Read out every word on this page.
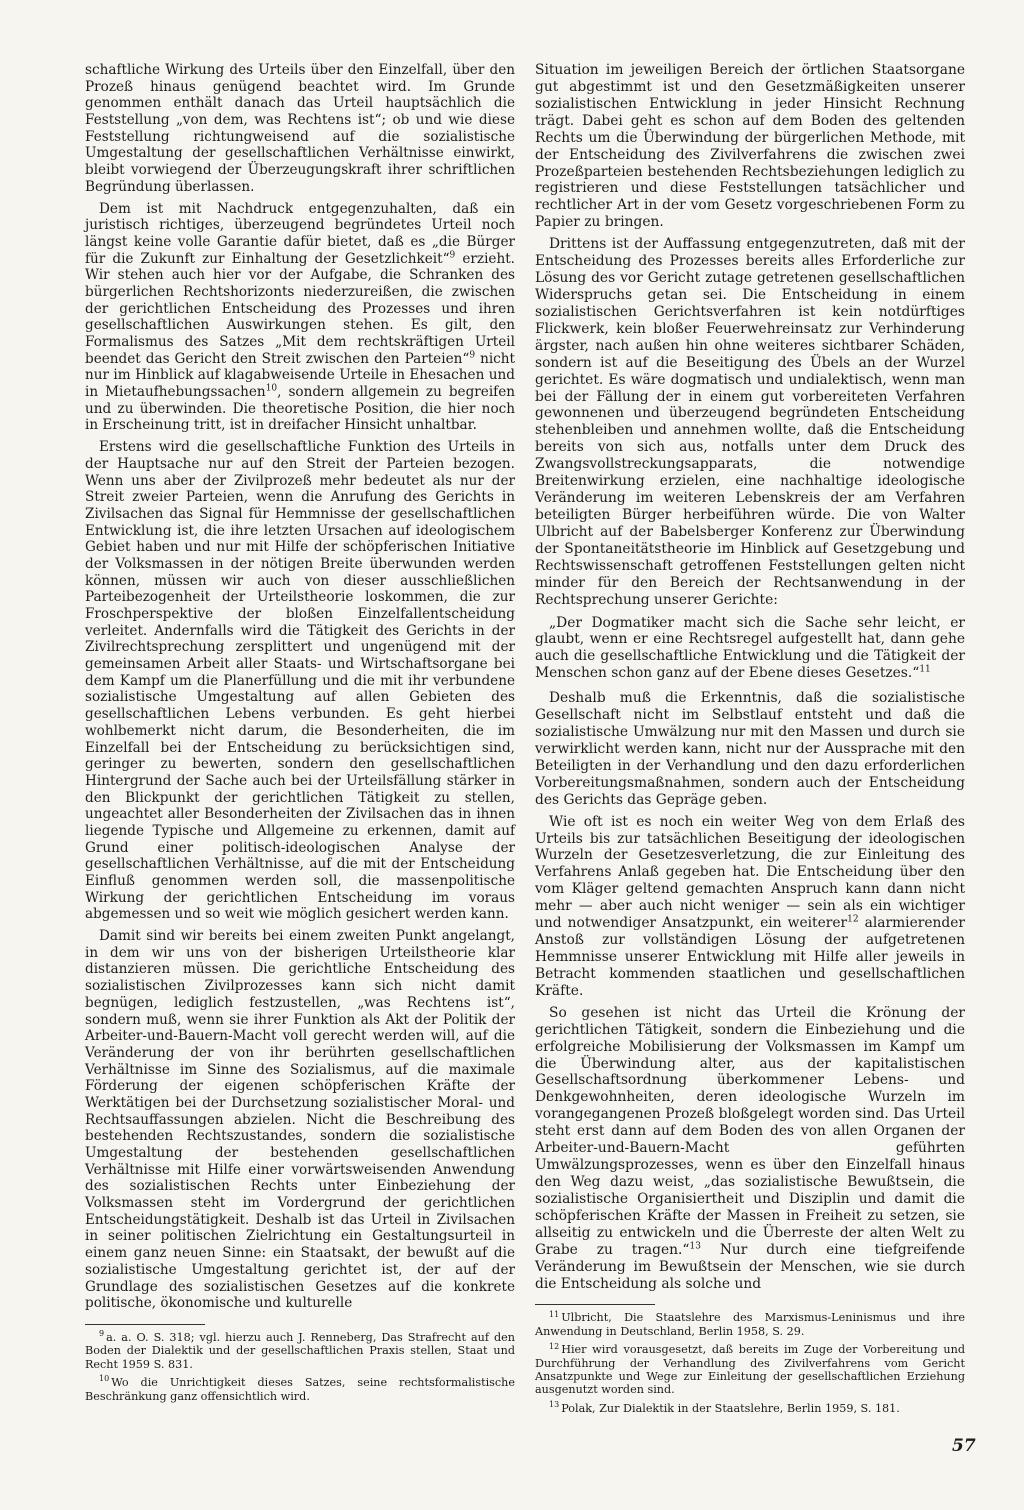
schaftliche Wirkung des Urteils über den Einzelfall, über den Prozeß hinaus genügend beachtet wird. Im Grunde genommen enthält danach das Urteil hauptsächlich die Feststellung „von dem, was Rechtens ist“; ob und wie diese Feststellung richtungweisend auf die sozialistische Umgestaltung der gesellschaftlichen Verhältnisse einwirkt, bleibt vorwiegend der Überzeugungskraft ihrer schriftlichen Begründung überlassen.

Dem ist mit Nachdruck entgegenzuhalten, daß ein juristisch richtiges, überzeugend begründetes Urteil noch längst keine volle Garantie dafür bietet, daß es „die Bürger für die Zukunft zur Einhaltung der Gesetzlichkeit“$^9$ erzieht. Wir stehen auch hier vor der Aufgabe, die Schranken des bürgerlichen Rechtshorizonts niederzureißen, die zwischen der gerichtlichen Entscheidung des Prozesses und ihren gesellschaftlichen Auswirkungen stehen. Es gilt, den Formalismus des Satzes „Mit dem rechtskräftigen Urteil beendet das Gericht den Streit zwischen den Parteien“$^9$ nicht nur im Hinblick auf klagabweisende Urteile in Ehesachen und in Mietaufhebungssachen$^{10}$, sondern allgemein zu begreifen und zu überwinden. Die theoretische Position, die hier noch in Erscheinung tritt, ist in dreifacher Hinsicht unhaltbar.

Erstens wird die gesellschaftliche Funktion des Urteils in der Hauptsache nur auf den Streit der Parteien bezogen. Wenn uns aber der Zivilprozeß mehr bedeutet als nur der Streit zweier Parteien, wenn die Anrufung des Gerichts in Zivilsachen das Signal für Hemmnisse der gesellschaftlichen Entwicklung ist, die ihre letzten Ursachen auf ideologischem Gebiet haben und nur mit Hilfe der schöpferischen Initiative der Volksmassen in der nötigen Breite überwunden werden können, müssen wir auch von dieser ausschließlichen Parteibezogenheit der Urteilstheorie loskommen, die zur Froschperspektive der bloßen Einzelfallentscheidung verleitet. Andernfalls wird die Tätigkeit des Gerichts in der Zivilrechtsprechung zersplittert und ungenügend mit der gemeinsamen Arbeit aller Staats- und Wirtschaftsorgane bei dem Kampf um die Planerfüllung und die mit ihr verbundene sozialistische Umgestaltung auf allen Gebieten des gesellschaftlichen Lebens verbunden. Es geht hierbei wohlbemerkt nicht darum, die Besonderheiten, die im Einzelfall bei der Entscheidung zu berücksichtigen sind, geringer zu bewerten, sondern den gesellschaftlichen Hintergrund der Sache auch bei der Urteilsfällung stärker in den Blickpunkt der gerichtlichen Tätigkeit zu stellen, ungeachtet aller Besonderheiten der Zivilsachen das in ihnen liegende Typische und Allgemeine zu erkennen, damit auf Grund einer politisch-ideologischen Analyse der gesellschaftlichen Verhältnisse, auf die mit der Entscheidung Einfluß genommen werden soll, die massenpolitische Wirkung der gerichtlichen Entscheidung im voraus abgemessen und so weit wie möglich gesichert werden kann.

Damit sind wir bereits bei einem zweiten Punkt angelangt, in dem wir uns von der bisherigen Urteilstheorie klar distanzieren müssen. Die gerichtliche Entscheidung des sozialistischen Zivilprozesses kann sich nicht damit begnügen, lediglich festzustellen, „was Rechtens ist“, sondern muß, wenn sie ihrer Funktion als Akt der Politik der Arbeiter-und-Bauern-Macht voll gerecht werden will, auf die Veränderung der von ihr berührten gesellschaftlichen Verhältnisse im Sinne des Sozialismus, auf die maximale Förderung der eigenen schöpferischen Kräfte der Werktätigen bei der Durchsetzung sozialistischer Moral- und Rechtsauffassungen abzielen. Nicht die Beschreibung des bestehenden Rechtszustandes, sondern die sozialistische Umgestaltung der bestehenden gesellschaftlichen Verhältnisse mit Hilfe einer vorwärtsweisenden Anwendung des sozialistischen Rechts unter Einbeziehung der Volksmassen steht im Vordergrund der gerichtlichen Entscheidungstätigkeit. Deshalb ist das Urteil in Zivilsachen in seiner politischen Zielrichtung ein Gestaltungsurteil in einem ganz neuen Sinne: ein Staatsakt, der bewußt auf die sozialistische Umgestaltung gerichtet ist, der auf der Grundlage des sozialistischen Gesetzes auf die konkrete politische, ökonomische und kulturelle

$^9$ a. a. O. S. 318; vgl. hierzu auch J. Renneberg, Das Strafrecht auf den Boden der Dialektik und der gesellschaftlichen Praxis stellen, Staat und Recht 1959 S. 831.

$^{10}$ Wo die Unrichtigkeit dieses Satzes, seine rechtsformalistische Beschränkung ganz offensichtlich wird.

Situation im jeweiligen Bereich der örtlichen Staatsorgane gut abgestimmt ist und den Gesetzmäßigkeiten unserer sozialistischen Entwicklung in jeder Hinsicht Rechnung trägt. Dabei geht es schon auf dem Boden des geltenden Rechts um die Überwindung der bürgerlichen Methode, mit der Entscheidung des Zivilverfahrens die zwischen zwei Prozeßparteien bestehenden Rechtsbeziehungen lediglich zu registrieren und diese Feststellungen tatsächlicher und rechtlicher Art in der vom Gesetz vorgeschriebenen Form zu Papier zu bringen.

Drittens ist der Auffassung entgegenzutreten, daß mit der Entscheidung des Prozesses bereits alles Erforderliche zur Lösung des vor Gericht zutage getretenen gesellschaftlichen Widerspruchs getan sei. Die Entscheidung in einem sozialistischen Gerichtsverfahren ist kein notdürftiges Flickwerk, kein bloßer Feuerwehreinsatz zur Verhinderung ärgster, nach außen hin ohne weiteres sichtbarer Schäden, sondern ist auf die Beseitigung des Übels an der Wurzel gerichtet. Es wäre dogmatisch und undialektisch, wenn man bei der Fällung der in einem gut vorbereiteten Verfahren gewonnenen und überzeugend begründeten Entscheidung stehenbleiben und annehmen wollte, daß die Entscheidung bereits von sich aus, notfalls unter dem Druck des Zwangsvollstreckungsapparats, die notwendige Breitenwirkung erzielen, eine nachhaltige ideologische Veränderung im weiteren Lebenskreis der am Verfahren beteiligten Bürger herbeiführen würde. Die von Walter Ulbricht auf der Babelsberger Konferenz zur Überwindung der Spontaneitätstheorie im Hinblick auf Gesetzgebung und Rechtswissenschaft getroffenen Feststellungen gelten nicht minder für den Bereich der Rechtsanwendung in der Rechtsprechung unserer Gerichte:

„Der Dogmatiker macht sich die Sache sehr leicht, er glaubt, wenn er eine Rechtsregel aufgestellt hat, dann gehe auch die gesellschaftliche Entwicklung und die Tätigkeit der Menschen schon ganz auf der Ebene dieses Gesetzes.“$^{11}$

Deshalb muß die Erkenntnis, daß die sozialistische Gesellschaft nicht im Selbstlauf entsteht und daß die sozialistische Umwälzung nur mit den Massen und durch sie verwirklicht werden kann, nicht nur der Aussprache mit den Beteiligten in der Verhandlung und den dazu erforderlichen Vorbereitungsmaßnahmen, sondern auch der Entscheidung des Gerichts das Gepräge geben.

Wie oft ist es noch ein weiter Weg von dem Erlaß des Urteils bis zur tatsächlichen Beseitigung der ideologischen Wurzeln der Gesetzesverletzung, die zur Einleitung des Verfahrens Anlaß gegeben hat. Die Entscheidung über den vom Kläger geltend gemachten Anspruch kann dann nicht mehr — aber auch nicht weniger — sein als ein wichtiger und notwendiger Ansatzpunkt, ein weiterer$^{12}$ alarmierender Anstoß zur vollständigen Lösung der aufgetretenen Hemmnisse unserer Entwicklung mit Hilfe aller jeweils in Betracht kommenden staatlichen und gesellschaftlichen Kräfte.

So gesehen ist nicht das Urteil die Krönung der gerichtlichen Tätigkeit, sondern die Einbeziehung und die erfolgreiche Mobilisierung der Volksmassen im Kampf um die Überwindung alter, aus der kapitalistischen Gesellschaftsordnung überkommener Lebens- und Denkgewohnheiten, deren ideologische Wurzeln im vorangegangenen Prozeß bloßgelegt worden sind. Das Urteil steht erst dann auf dem Boden des von allen Organen der Arbeiter-und-Bauern-Macht geführten Umwälzungsprozesses, wenn es über den Einzelfall hinaus den Weg dazu weist, „das sozialistische Bewußtsein, die sozialistische Organisiertheit und Disziplin und damit die schöpferischen Kräfte der Massen in Freiheit zu setzen, sie allseitig zu entwickeln und die Überreste der alten Welt zu Grabe zu tragen.“$^{13}$ Nur durch eine tiefgreifende Veränderung im Bewußtsein der Menschen, wie sie durch die Entscheidung als solche und

$^{11}$ Ulbricht, Die Staatslehre des Marxismus-Leninismus und ihre Anwendung in Deutschland, Berlin 1958, S. 29.

$^{12}$ Hier wird vorausgesetzt, daß bereits im Zuge der Vorbereitung und Durchführung der Verhandlung des Zivilverfahrens vom Gericht Ansatzpunkte und Wege zur Einleitung der gesellschaftlichen Erziehung ausgenutzt worden sind.

$^{13}$ Polak, Zur Dialektik in der Staatslehre, Berlin 1959, S. 181.

57
